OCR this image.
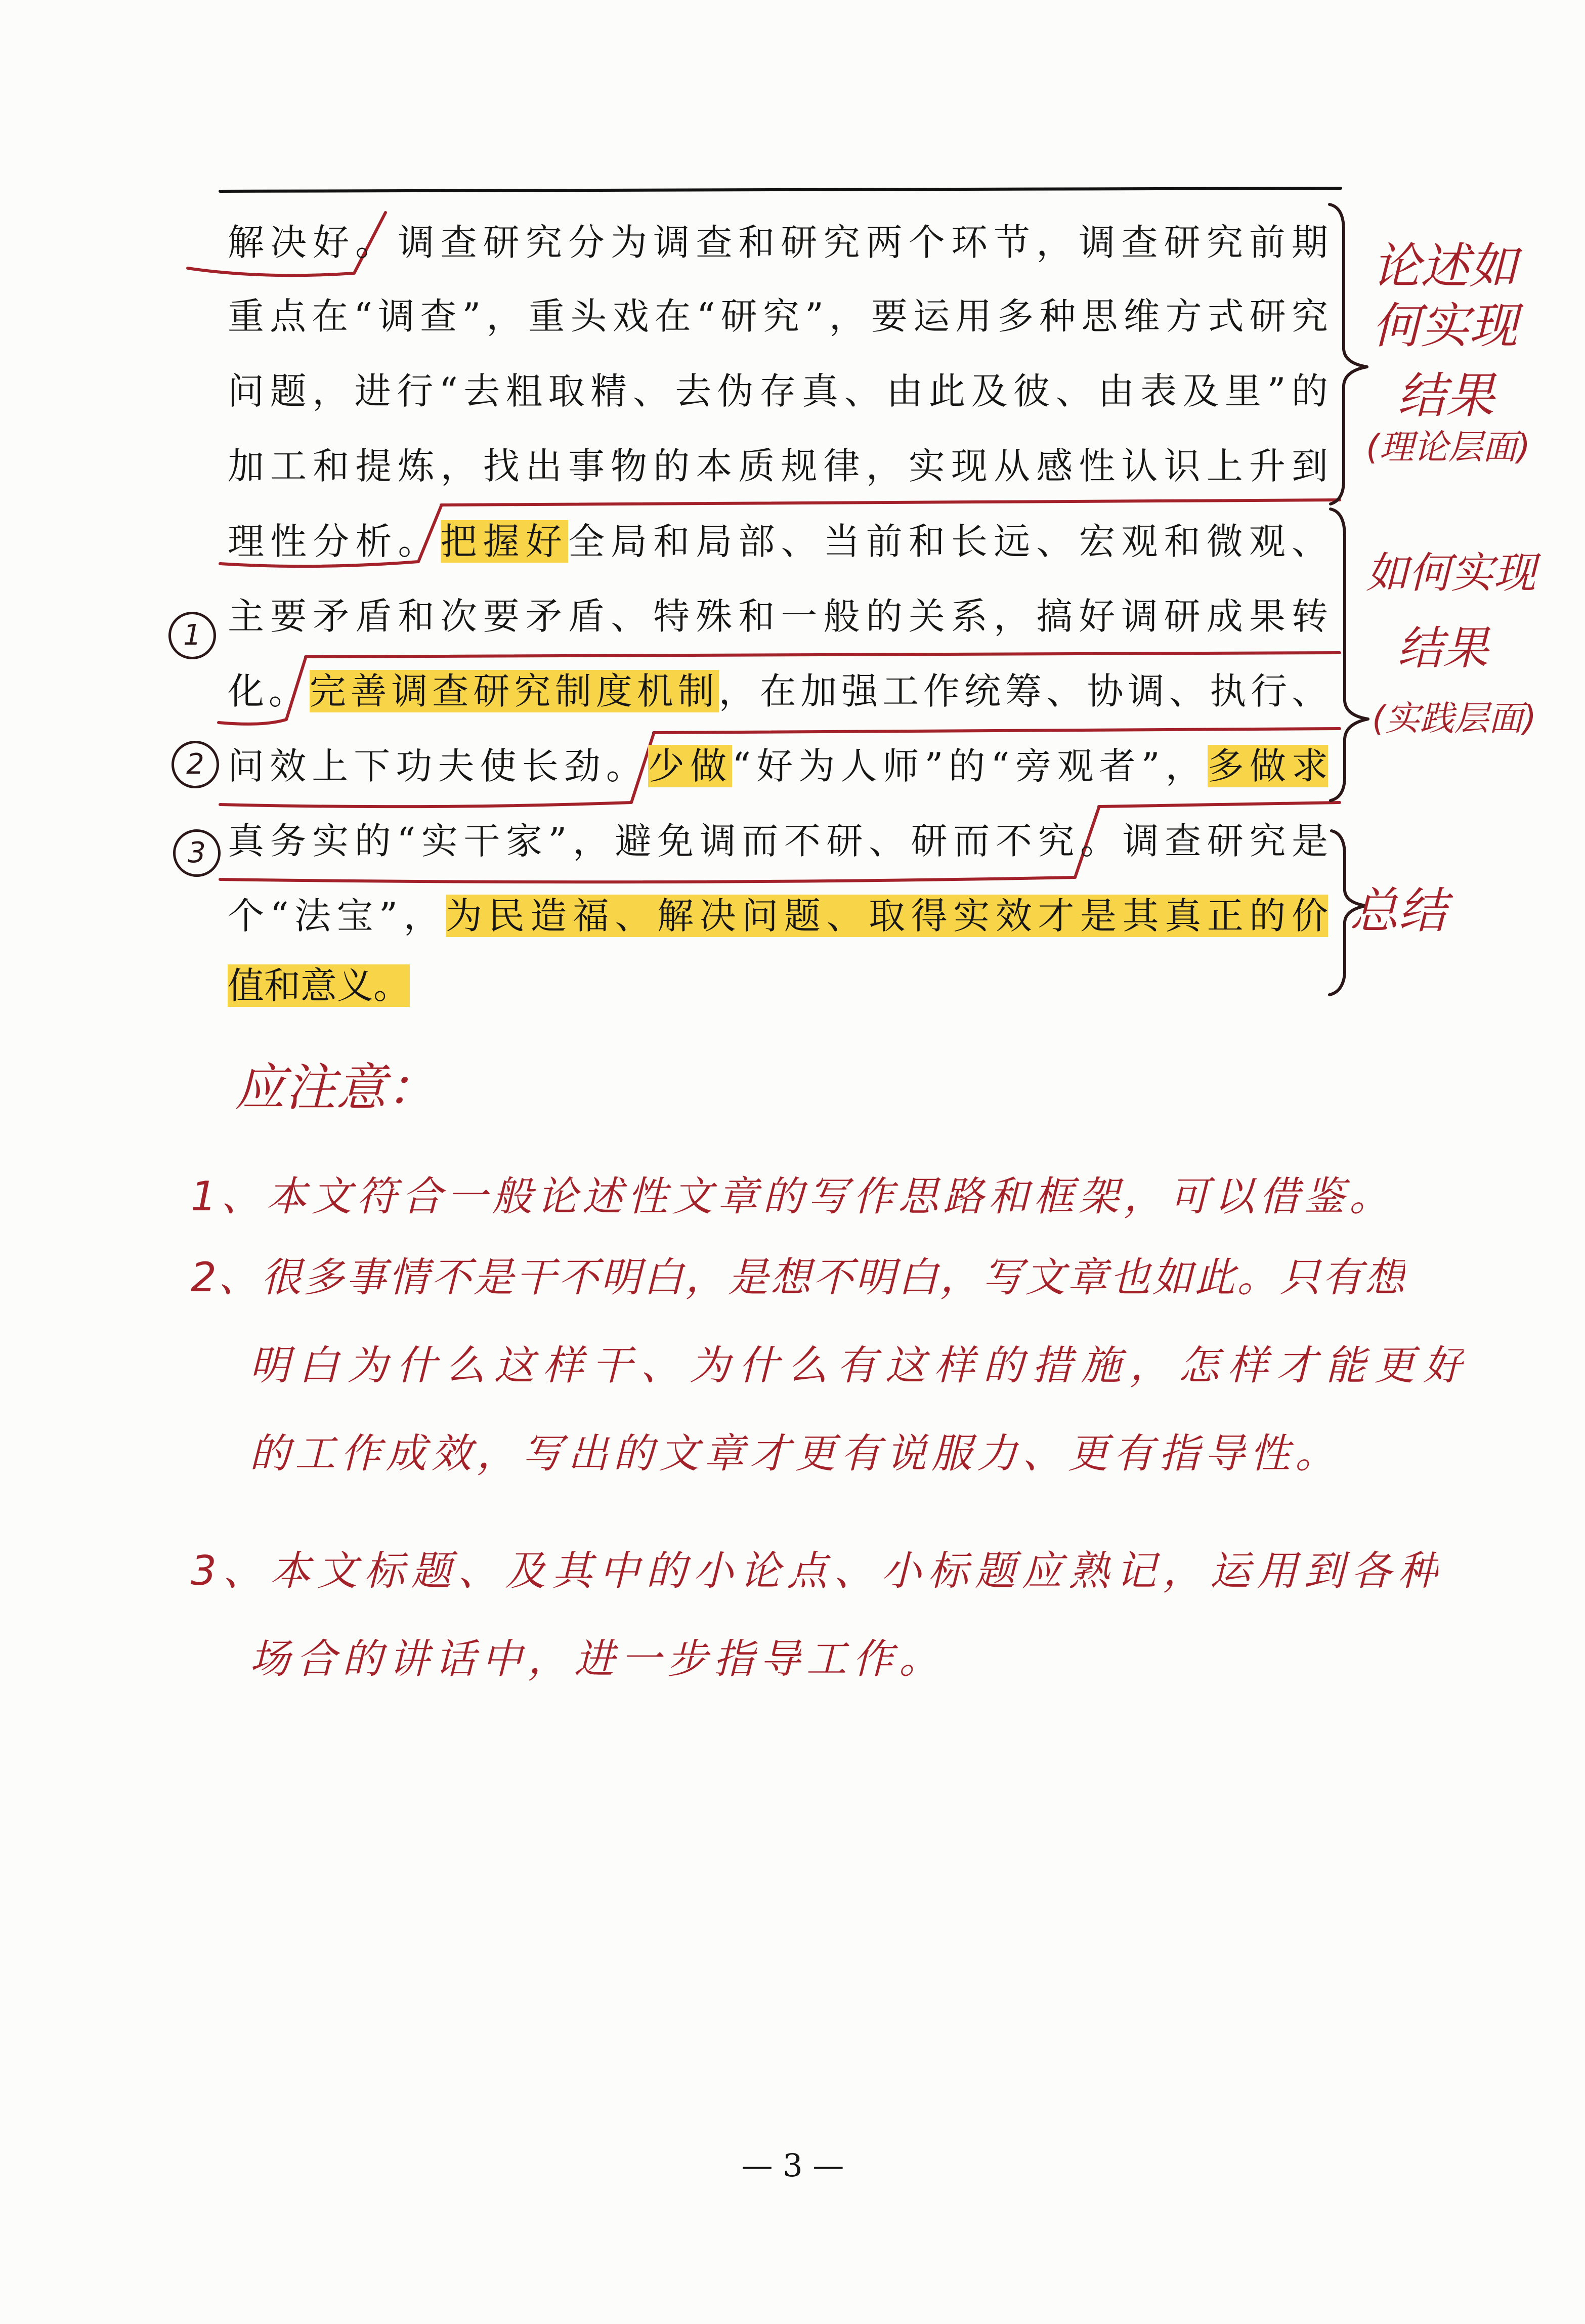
解决好。调查研究分为调查和研究两个环节，调查研究前期
重点在“调查”，重头戏在“研究”，要运用多种思维方式研究
问题，进行“去粗取精、去伪存真、由此及彼、由表及里”的
加工和提炼，找出事物的本质规律，实现从感性认识上升到
理性分析。把握好全局和局部、当前和长远、宏观和微观、
主要矛盾和次要矛盾、特殊和一般的关系，搞好调研成果转
化。完善调查研究制度机制，在加强工作统筹、协调、执行、
问效上下功夫使长劲。少做“好为人师”的“旁观者”，多做求
真务实的“实干家”，避免调而不研、研而不究。调查研究是
个“法宝”，为民造福、解决问题、取得实效才是其真正的价
值和意义。
1
2
3
论述如
何实现
结果
(理论层面)
如何实现
结果
(实践层面)
总结
应注意：
1、本文符合一般论述性文章的写作思路和框架，可以借鉴。
2、很多事情不是干不明白，是想不明白，写文章也如此。只有想
明白为什么这样干、为什么有这样的措施，怎样才能更好
的工作成效，写出的文章才更有说服力、更有指导性。
3、本文标题、及其中的小论点、小标题应熟记，运用到各种
场合的讲话中，进一步指导工作。
— 3 —
